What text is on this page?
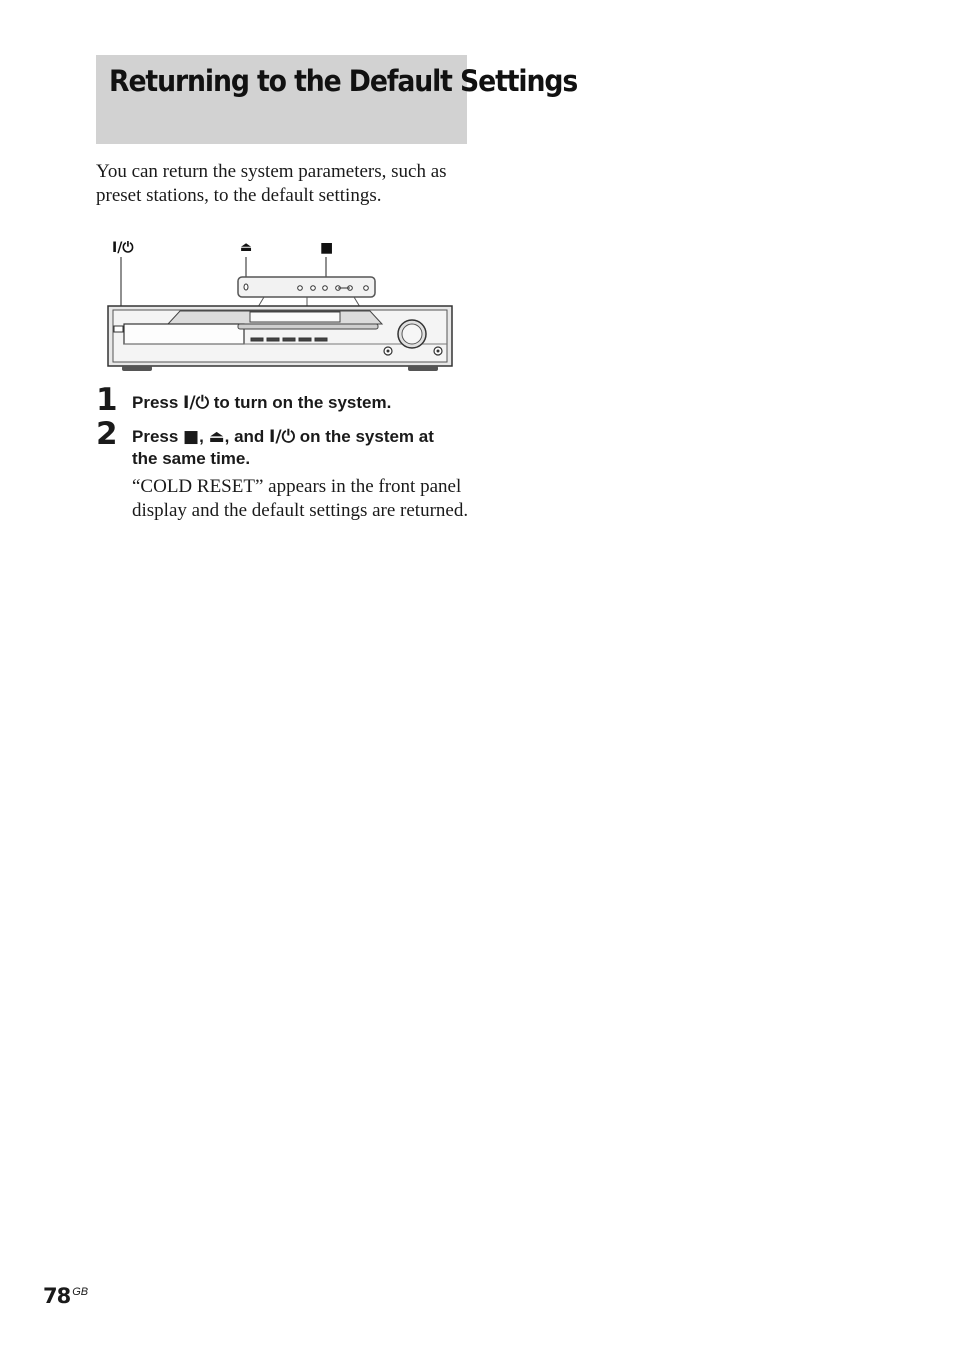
Returning to the Default Settings

You can return the system parameters, such as preset stations, to the default settings.

I/⏻	⏏	■
1 Press I/⏻ to turn on the system.

2 Press ■, ⏏, and I/⏻ on the system at
the same time.

“COLD RESET” appears in the front panel display and the default settings are returned.

78 $^{GB}$
